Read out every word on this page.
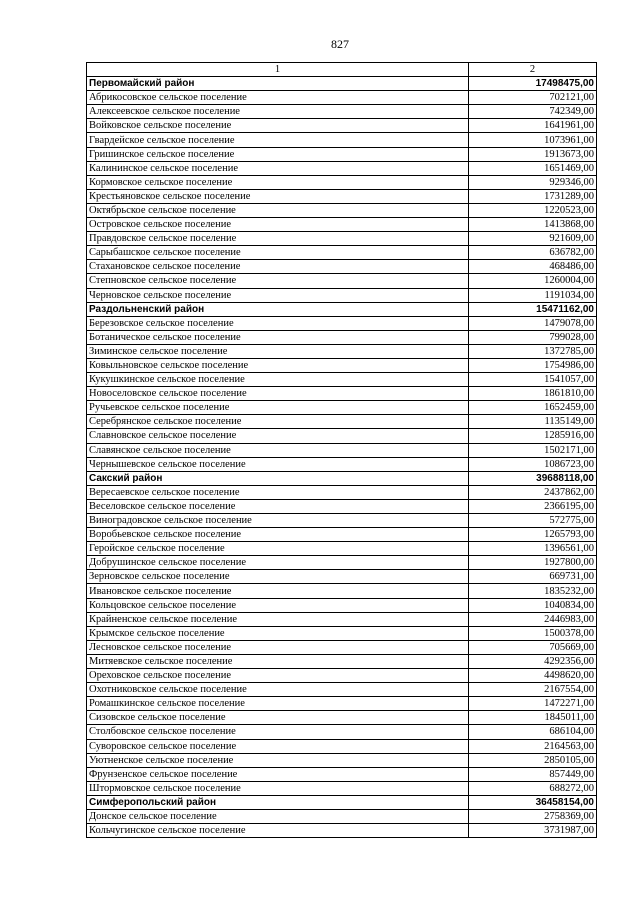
827
1	2
Первомайский район	17498475,00
Абрикосовское сельское поселение	702121,00
Алексеевское сельское поселение	742349,00
Войковское сельское поселение	1641961,00
Гвардейское сельское поселение	1073961,00
Гришинское сельское поселение	1913673,00
Калининское сельское поселение	1651469,00
Кормовское сельское поселение	929346,00
Крестьяновское сельское поселение	1731289,00
Октябрьское сельское поселение	1220523,00
Островское сельское поселение	1413868,00
Правдовское сельское поселение	921609,00
Сарыбашское сельское поселение	636782,00
Стахановское сельское поселение	468486,00
Степновское сельское поселение	1260004,00
Черновское сельское поселение	1191034,00
Раздольненский район	15471162,00
Березовское сельское поселение	1479078,00
Ботаническое сельское поселение	799028,00
Зиминское сельское поселение	1372785,00
Ковыльновское сельское поселение	1754986,00
Кукушкинское сельское поселение	1541057,00
Новоселовское сельское поселение	1861810,00
Ручьевское сельское поселение	1652459,00
Серебрянское сельское поселение	1135149,00
Славновское сельское поселение	1285916,00
Славянское сельское поселение	1502171,00
Чернышевское сельское поселение	1086723,00
Сакский район	39688118,00
Вересаевское сельское поселение	2437862,00
Веселовское сельское поселение	2366195,00
Виноградовское сельское поселение	572775,00
Воробьевское сельское поселение	1265793,00
Геройское сельское поселение	1396561,00
Добрушинское сельское поселение	1927800,00
Зерновское сельское поселение	669731,00
Ивановское сельское поселение	1835232,00
Кольцовское сельское поселение	1040834,00
Крайненское сельское поселение	2446983,00
Крымское сельское поселение	1500378,00
Лесновское сельское поселение	705669,00
Митяевское сельское поселение	4292356,00
Ореховское сельское поселение	4498620,00
Охотниковское сельское поселение	2167554,00
Ромашкинское сельское поселение	1472271,00
Сизовское сельское поселение	1845011,00
Столбовское сельское поселение	686104,00
Суворовское сельское поселение	2164563,00
Уютненское сельское поселение	2850105,00
Фрунзенское сельское поселение	857449,00
Штормовское сельское поселение	688272,00
Симферопольский район	36458154,00
Донское сельское поселение	2758369,00
Кольчугинское сельское поселение	3731987,00
